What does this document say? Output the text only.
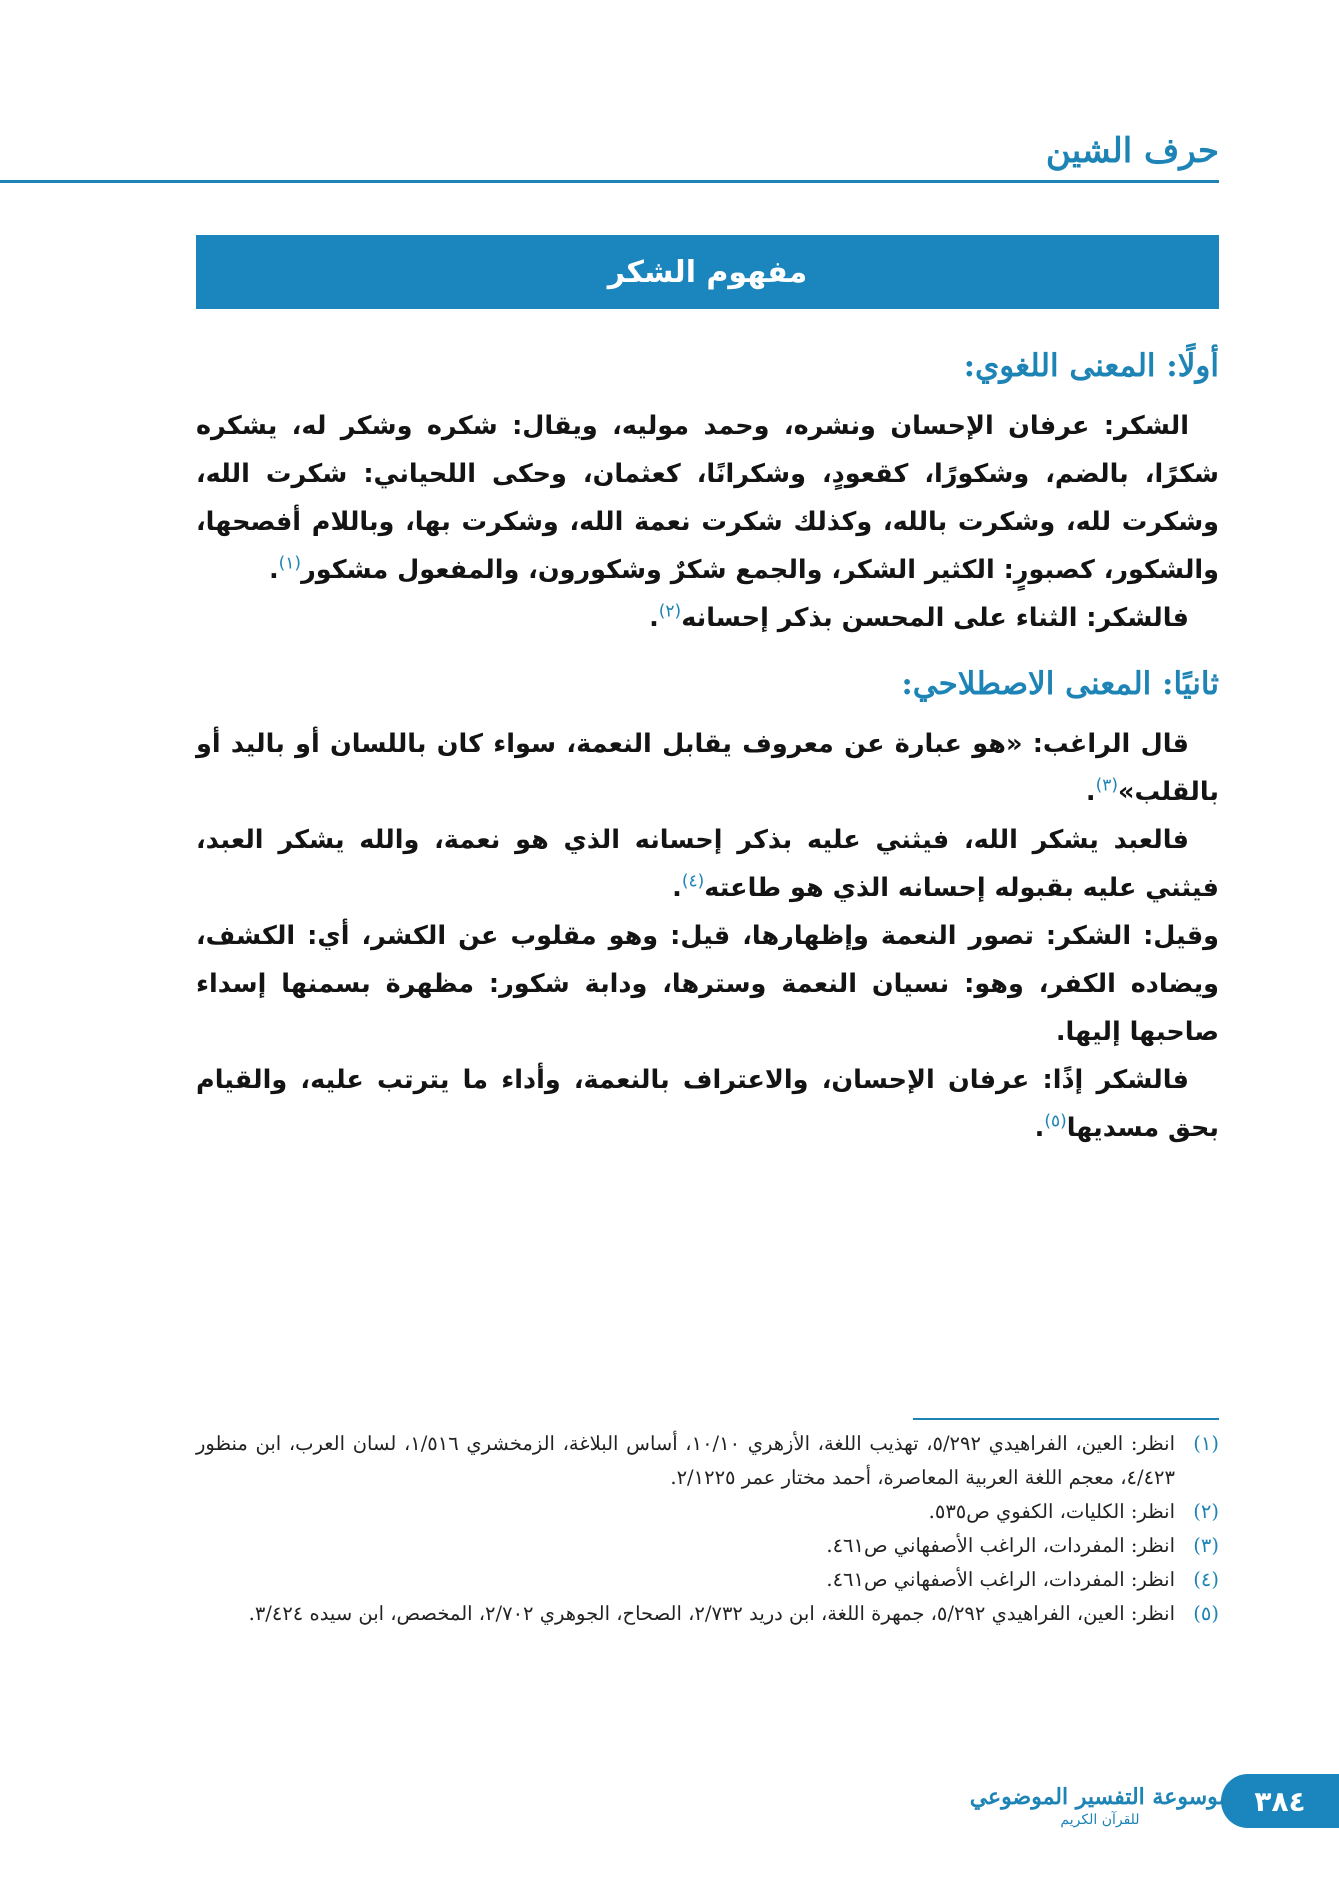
حرف الشين
مفهوم الشكر
أولًا: المعنى اللغوي:

الشكر: عرفان الإحسان ونشره، وحمد موليه، ويقال: شكره وشكر له، يشكره شكرًا، بالضم، وشكورًا، كقعودٍ، وشكرانًا، كعثمان، وحكى اللحياني: شكرت الله، وشكرت لله، وشكرت بالله، وكذلك شكرت نعمة الله، وشكرت بها، وباللام أفصحها، والشكور، كصبورٍ: الكثير الشكر، والجمع شكرٌ وشكورون، والمفعول مشكور$^{(١)}$.

فالشكر: الثناء على المحسن بذكر إحسانه$^{(٢)}$.

ثانيًا: المعنى الاصطلاحي:

قال الراغب: «هو عبارة عن معروف يقابل النعمة، سواء كان باللسان أو باليد أو بالقلب»$^{(٣)}$.

فالعبد يشكر الله، فيثني عليه بذكر إحسانه الذي هو نعمة، والله يشكر العبد، فيثني عليه بقبوله إحسانه الذي هو طاعته$^{(٤)}$.

وقيل: الشكر: تصور النعمة وإظهارها، قيل: وهو مقلوب عن الكشر، أي: الكشف، ويضاده الكفر، وهو: نسيان النعمة وسترها، ودابة شكور: مظهرة بسمنها إسداء صاحبها إليها.

فالشكر إذًا: عرفان الإحسان، والاعتراف بالنعمة، وأداء ما يترتب عليه، والقيام بحق مسديها$^{(٥)}$.

(١)
انظر: العين، الفراهيدي ٥/٢٩٢، تهذيب اللغة، الأزهري ١٠/١٠، أساس البلاغة، الزمخشري ١/٥١٦، لسان العرب، ابن منظور ٤/٤٢٣، معجم اللغة العربية المعاصرة، أحمد مختار عمر ٢/١٢٢٥.
(٢)
انظر: الكليات، الكفوي ص٥٣٥.
(٣)
انظر: المفردات، الراغب الأصفهاني ص٤٦١.
(٤)
انظر: المفردات، الراغب الأصفهاني ص٤٦١.
(٥)
انظر: العين، الفراهيدي ٥/٢٩٢، جمهرة اللغة، ابن دريد ٢/٧٣٢، الصحاح، الجوهري ٢/٧٠٢، المخصص، ابن سيده ٣/٤٢٤.
٣٨٤
موسوعة التفسير الموضوعي
للقرآن الكريم
